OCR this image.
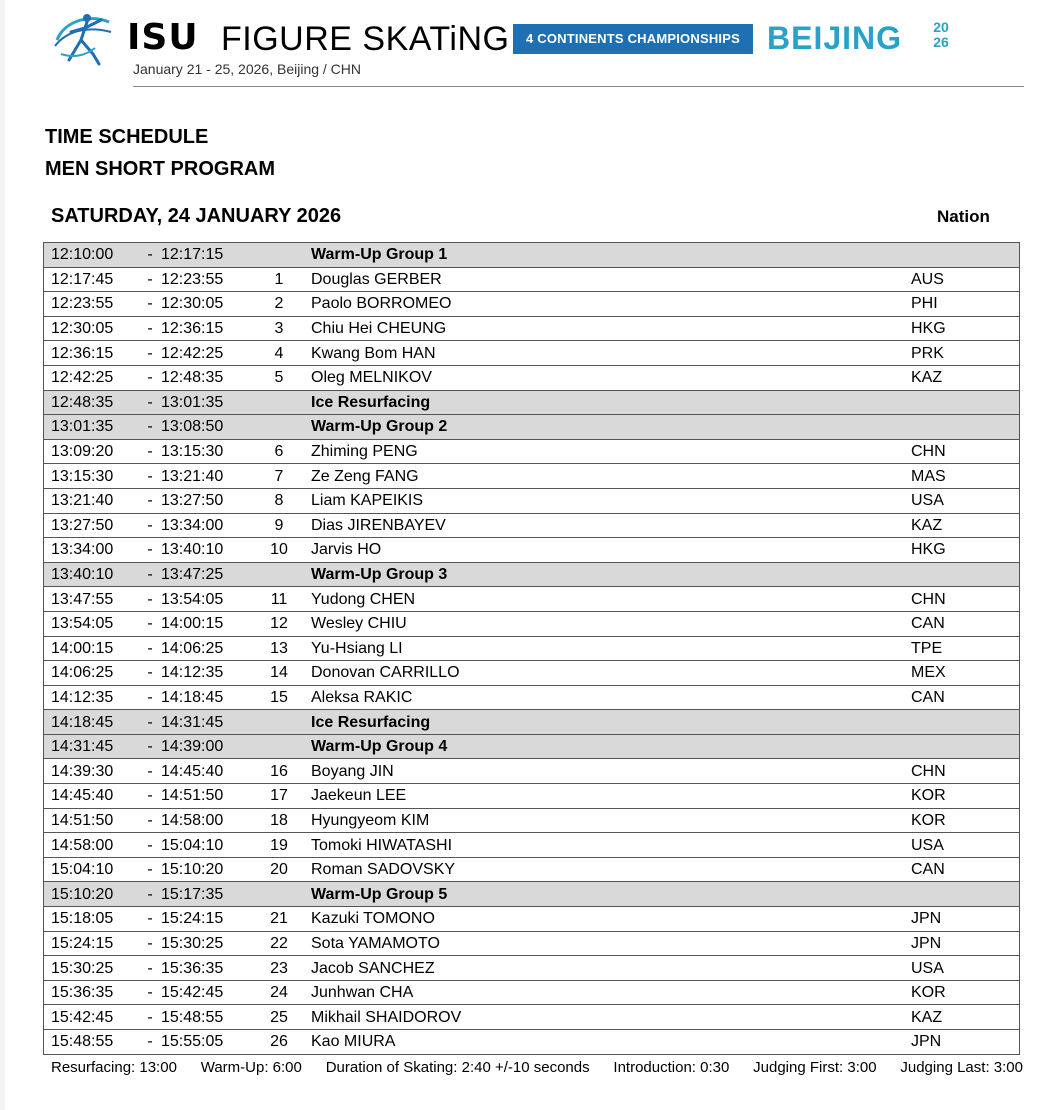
ISU FIGURE SKATiNG	4 CONTINENTS CHAMPIONSHIPS BEIJING	20
26
January 21 - 25, 2026, Beijing / CHN
TIME SCHEDULE
MEN SHORT PROGRAM
SATURDAY, 24 JANUARY 2026	Nation
12:10:00	-	12:17:15		Warm-Up Group 1	
12:17:45	-	12:23:55	1	Douglas GERBER	AUS
12:23:55	-	12:30:05	2	Paolo BORROMEO	PHI
12:30:05	-	12:36:15	3	Chiu Hei CHEUNG	HKG
12:36:15	-	12:42:25	4	Kwang Bom HAN	PRK
12:42:25	-	12:48:35	5	Oleg MELNIKOV	KAZ
12:48:35	-	13:01:35		Ice Resurfacing	
13:01:35	-	13:08:50		Warm-Up Group 2	
13:09:20	-	13:15:30	6	Zhiming PENG	CHN
13:15:30	-	13:21:40	7	Ze Zeng FANG	MAS
13:21:40	-	13:27:50	8	Liam KAPEIKIS	USA
13:27:50	-	13:34:00	9	Dias JIRENBAYEV	KAZ
13:34:00	-	13:40:10	10	Jarvis HO	HKG
13:40:10	-	13:47:25		Warm-Up Group 3	
13:47:55	-	13:54:05	11	Yudong CHEN	CHN
13:54:05	-	14:00:15	12	Wesley CHIU	CAN
14:00:15	-	14:06:25	13	Yu-Hsiang LI	TPE
14:06:25	-	14:12:35	14	Donovan CARRILLO	MEX
14:12:35	-	14:18:45	15	Aleksa RAKIC	CAN
14:18:45	-	14:31:45		Ice Resurfacing	
14:31:45	-	14:39:00		Warm-Up Group 4	
14:39:30	-	14:45:40	16	Boyang JIN	CHN
14:45:40	-	14:51:50	17	Jaekeun LEE	KOR
14:51:50	-	14:58:00	18	Hyungyeom KIM	KOR
14:58:00	-	15:04:10	19	Tomoki HIWATASHI	USA
15:04:10	-	15:10:20	20	Roman SADOVSKY	CAN
15:10:20	-	15:17:35		Warm-Up Group 5	
15:18:05	-	15:24:15	21	Kazuki TOMONO	JPN
15:24:15	-	15:30:25	22	Sota YAMAMOTO	JPN
15:30:25	-	15:36:35	23	Jacob SANCHEZ	USA
15:36:35	-	15:42:45	24	Junhwan CHA	KOR
15:42:45	-	15:48:55	25	Mikhail SHAIDOROV	KAZ
15:48:55	-	15:55:05	26	Kao MIURA	JPN
Resurfacing: 13:00 Warm-Up: 6:00 Duration of Skating: 2:40 +/-10 seconds Introduction: 0:30 Judging First: 3:00 Judging Last: 3:00
